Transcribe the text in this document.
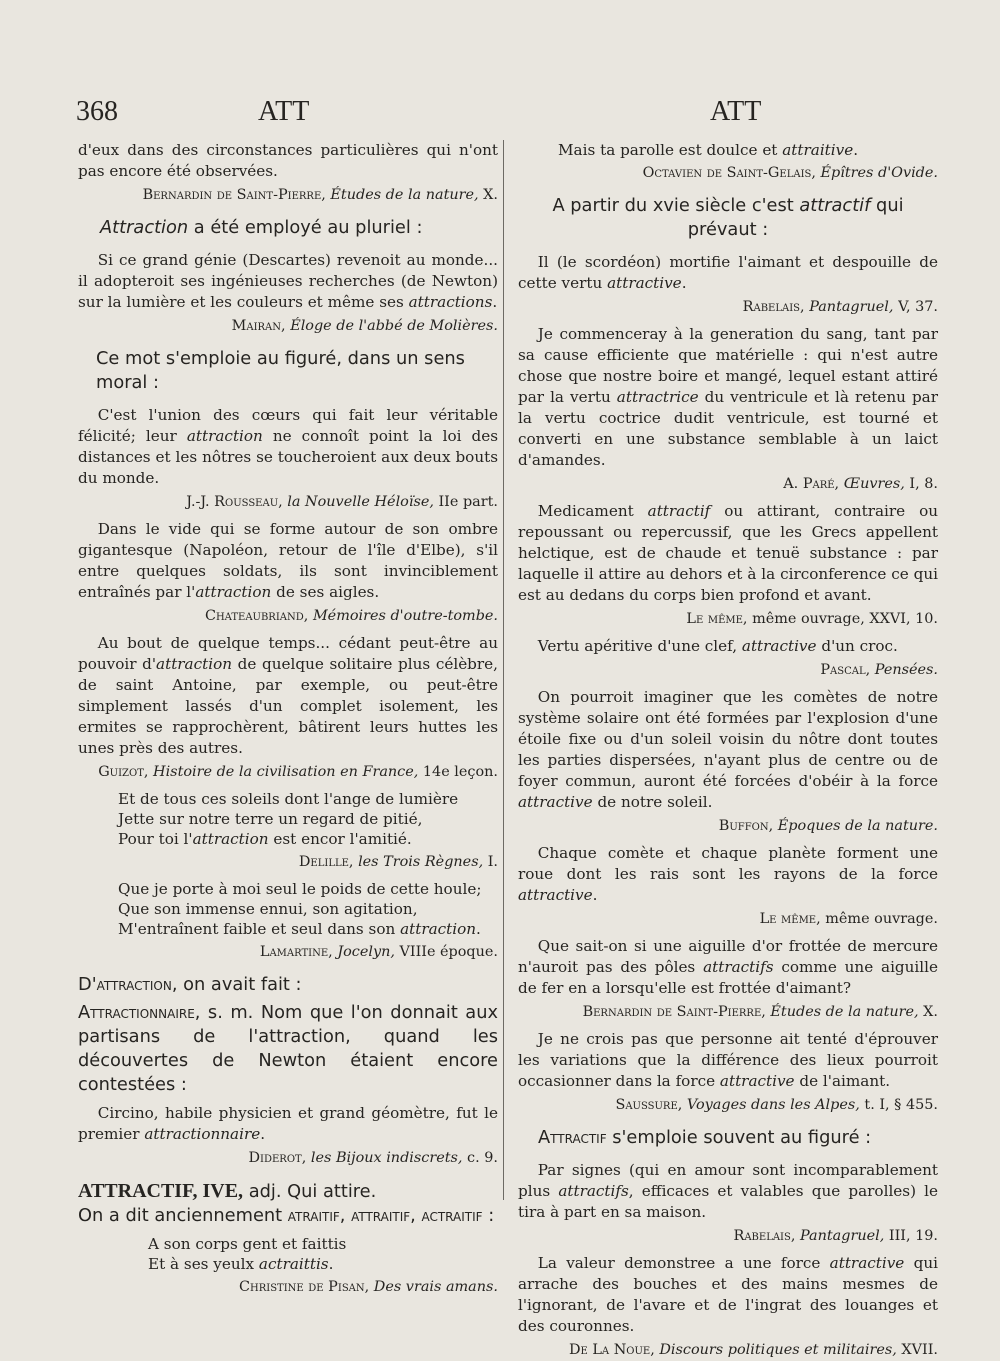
368	ATT	ATT

d'eux dans des circonstances particulières qui n'ont pas encore été observées.

Bernardin de Saint-Pierre, Études de la nature, X.

Attraction a été employé au pluriel :

Si ce grand génie (Descartes) revenoit au monde... il adopteroit ses ingénieuses recherches (de Newton) sur la lumière et les couleurs et même ses attractions.

Mairan, Éloge de l'abbé de Molières.

Ce mot s'emploie au figuré, dans un sens moral :

C'est l'union des cœurs qui fait leur véritable félicité; leur attraction ne connoît point la loi des distances et les nôtres se toucheroient aux deux bouts du monde.

J.-J. Rousseau, la Nouvelle Héloïse, IIe part.

Dans le vide qui se forme autour de son ombre gigantesque (Napoléon, retour de l'île d'Elbe), s'il entre quelques soldats, ils sont invinciblement entraînés par l'attraction de ses aigles.

Chateaubriand, Mémoires d'outre-tombe.

Au bout de quelque temps... cédant peut-être au pouvoir d'attraction de quelque solitaire plus célèbre, de saint Antoine, par exemple, ou peut-être simplement lassés d'un complet isolement, les ermites se rapprochèrent, bâtirent leurs huttes les unes près des autres.

Guizot, Histoire de la civilisation en France, 14e leçon.

Et de tous ces soleils dont l'ange de lumière

Jette sur notre terre un regard de pitié,

Pour toi l'attraction est encor l'amitié.

Delille, les Trois Règnes, I.

Que je porte à moi seul le poids de cette houle;

Que son immense ennui, son agitation,

M'entraînent faible et seul dans son attraction.

Lamartine, Jocelyn, VIIIe époque.

D'attraction, on avait fait :

Attractionnaire, s. m. Nom que l'on donnait aux partisans de l'attraction, quand les découvertes de Newton étaient encore contestées :

Circino, habile physicien et grand géomètre, fut le premier attractionnaire.

Diderot, les Bijoux indiscrets, c. 9.

ATTRACTIF, IVE, adj. Qui attire.

On a dit anciennement atraitif, attraitif, actraitif :

A son corps gent et faittis

Et à ses yeulx actraittis.

Christine de Pisan, Des vrais amans.

Mais ta parolle est doulce et attraitive.

Octavien de Saint-Gelais, Épîtres d'Ovide.

A partir du xvie siècle c'est attractif qui prévaut :

Il (le scordéon) mortifie l'aimant et despouille de cette vertu attractive.

Rabelais, Pantagruel, V, 37.

Je commenceray à la generation du sang, tant par sa cause efficiente que matérielle : qui n'est autre chose que nostre boire et mangé, lequel estant attiré par la vertu attractrice du ventricule et là retenu par la vertu coctrice dudit ventricule, est tourné et converti en une substance semblable à un laict d'amandes.

A. Paré, Œuvres, I, 8.

Medicament attractif ou attirant, contraire ou repoussant ou repercussif, que les Grecs appellent helctique, est de chaude et tenuë substance : par laquelle il attire au dehors et à la circonference ce qui est au dedans du corps bien profond et avant.

Le même, même ouvrage, XXVI, 10.

Vertu apéritive d'une clef, attractive d'un croc.

Pascal, Pensées.

On pourroit imaginer que les comètes de notre système solaire ont été formées par l'explosion d'une étoile fixe ou d'un soleil voisin du nôtre dont toutes les parties dispersées, n'ayant plus de centre ou de foyer commun, auront été forcées d'obéir à la force attractive de notre soleil.

Buffon, Époques de la nature.

Chaque comète et chaque planète forment une roue dont les rais sont les rayons de la force attractive.

Le même, même ouvrage.

Que sait-on si une aiguille d'or frottée de mercure n'auroit pas des pôles attractifs comme une aiguille de fer en a lorsqu'elle est frottée d'aimant?

Bernardin de Saint-Pierre, Études de la nature, X.

Je ne crois pas que personne ait tenté d'éprouver les variations que la différence des lieux pourroit occasionner dans la force attractive de l'aimant.

Saussure, Voyages dans les Alpes, t. I, § 455.

Attractif s'emploie souvent au figuré :

Par signes (qui en amour sont incomparablement plus attractifs, efficaces et valables que parolles) le tira à part en sa maison.

Rabelais, Pantagruel, III, 19.

La valeur demonstree a une force attractive qui arrache des bouches et des mains mesmes de l'ignorant, de l'avare et de l'ingrat des louanges et des couronnes.

De La Noue, Discours politiques et militaires, XVII.
